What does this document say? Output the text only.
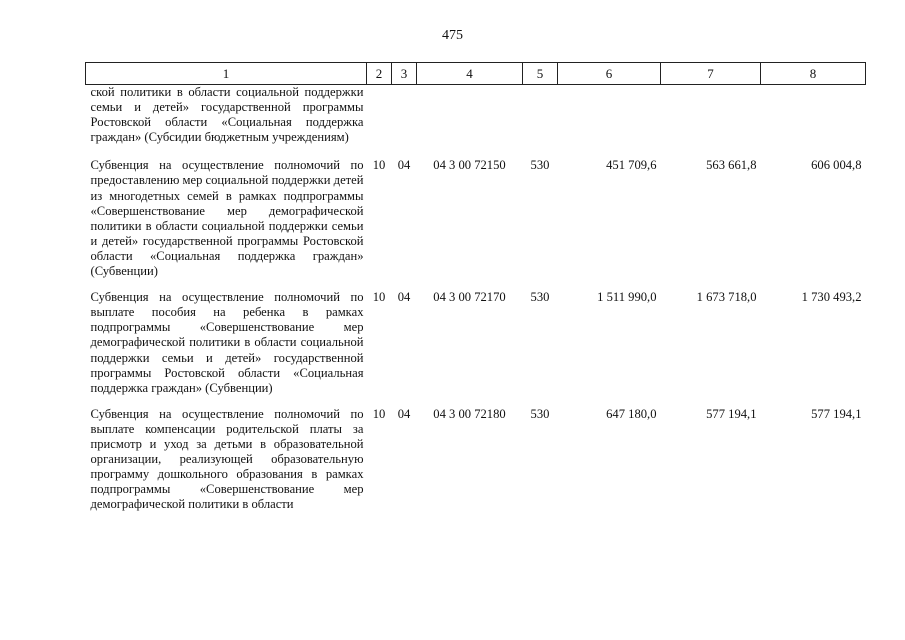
475
1	2	3	4	5	6	7	8
ской политики в области социальной поддержки семьи и детей» государственной программы Ростовской области «Социальная поддержка граждан» (Субсидии бюджетным учреждениям)							
Субвенция на осуществление полномочий по предоставлению мер социальной поддержки детей из многодетных семей в рамках подпрограммы «Совершенствование мер демографической политики в области социальной поддержки семьи и детей» государственной программы Ростовской области «Социальная поддержка граждан» (Субвенции)	10	04	04 3 00 72150	530	451 709,6	563 661,8	606 004,8
Субвенция на осуществление полномочий по выплате пособия на ребенка в рамках подпрограммы «Совершенствование мер демографической политики в области социальной поддержки семьи и детей» государственной программы Ростовской области «Социальная поддержка граждан» (Субвенции)	10	04	04 3 00 72170	530	1 511 990,0	1 673 718,0	1 730 493,2
Субвенция на осуществление полномочий по выплате компенсации родительской платы за присмотр и уход за детьми в образовательной организации, реализующей образовательную программу дошкольного образования в рамках подпрограммы «Совершенствование мер демографической политики в области	10	04	04 3 00 72180	530	647 180,0	577 194,1	577 194,1
